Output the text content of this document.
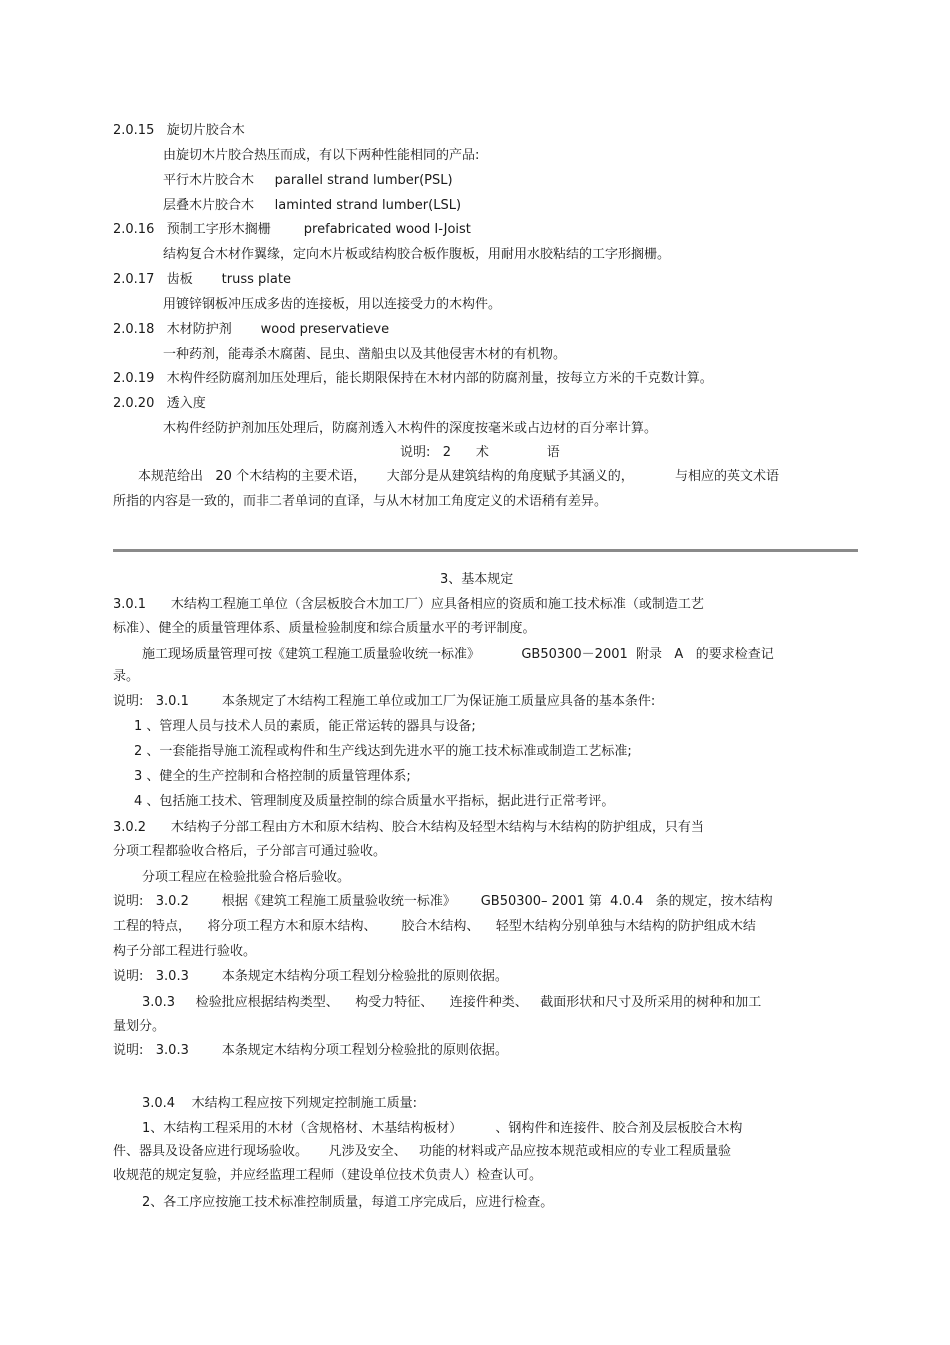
2.0.15   旋切片胶合木
由旋切木片胶合热压而成，有以下两种性能相同的产品:
平行木片胶合木     parallel strand lumber(PSL)
层叠木片胶合木     laminted strand lumber(LSL)
2.0.16   预制工字形木搁栅        prefabricated wood I-Joist
结构复合木材作翼缘，定向木片板或结构胶合板作腹板，用耐用水胶粘结的工字形搁栅。
2.0.17   齿板       truss plate
用镀锌钢板冲压成多齿的连接板，用以连接受力的木构件。
2.0.18   木材防护剂       wood preservatieve
一种药剂，能毒杀木腐菌、昆虫、凿船虫以及其他侵害木材的有机物。
2.0.19   木构件经防腐剂加压处理后，能长期限保持在木材内部的防腐剂量，按每立方米的千克数计算。
2.0.20   透入度
木构件经防护剂加压处理后，防腐剂透入木构件的深度按毫米或占边材的百分率计算。
说明:   2      术              语
本规范给出   20 个木结构的主要术语，     大部分是从建筑结构的角度赋予其涵义的，          与相应的英文术语
所指的内容是一致的，而非二者单词的直译，与从木材加工角度定义的术语稍有差异。
3、基本规定
3.0.1      木结构工程施工单位（含层板胶合木加工厂）应具备相应的资质和施工技术标准（或制造工艺
标准）、健全的质量管理体系、质量检验制度和综合质量水平的考评制度。
施工现场质量管理可按《建筑工程施工质量验收统一标准》          GB50300－2001  附录   A   的要求检查记
录。
说明:   3.0.1        本条规定了木结构工程施工单位或加工厂为保证施工质量应具备的基本条件:
1 、管理人员与技术人员的素质，能正常运转的器具与设备;
2 、一套能指导施工流程或构件和生产线达到先进水平的施工技术标准或制造工艺标准;
3 、健全的生产控制和合格控制的质量管理体系;
4 、包括施工技术、管理制度及质量控制的综合质量水平指标，据此进行正常考评。
3.0.2      木结构子分部工程由方木和原木结构、胶合木结构及轻型木结构与木结构的防护组成，只有当
分项工程都验收合格后，子分部言可通过验收。
分项工程应在检验批验合格后验收。
说明:   3.0.2        根据《建筑工程施工质量验收统一标准》      GB50300– 2001 第  4.0.4   条的规定，按木结构
工程的特点，    将分项工程方木和原木结构、      胶合木结构、    轻型木结构分别单独与木结构的防护组成木结
构子分部工程进行验收。
说明:   3.0.3        本条规定木结构分项工程划分检验批的原则依据。
3.0.3     检验批应根据结构类型、    构受力特征、    连接件种类、   截面形状和尺寸及所采用的树种和加工
量划分。
说明:   3.0.3        本条规定木结构分项工程划分检验批的原则依据。
3.0.4    木结构工程应按下列规定控制施工质量:
1、木结构工程采用的木材（含规格材、木基结构板材）        、钢构件和连接件、胶合剂及层板胶合木构
件、器具及设备应进行现场验收。     凡涉及安全、   功能的材料或产品应按本规范或相应的专业工程质量验
收规范的规定复验，并应经监理工程师（建设单位技术负责人）检查认可。
2、各工序应按施工技术标准控制质量，每道工序完成后，应进行检查。
